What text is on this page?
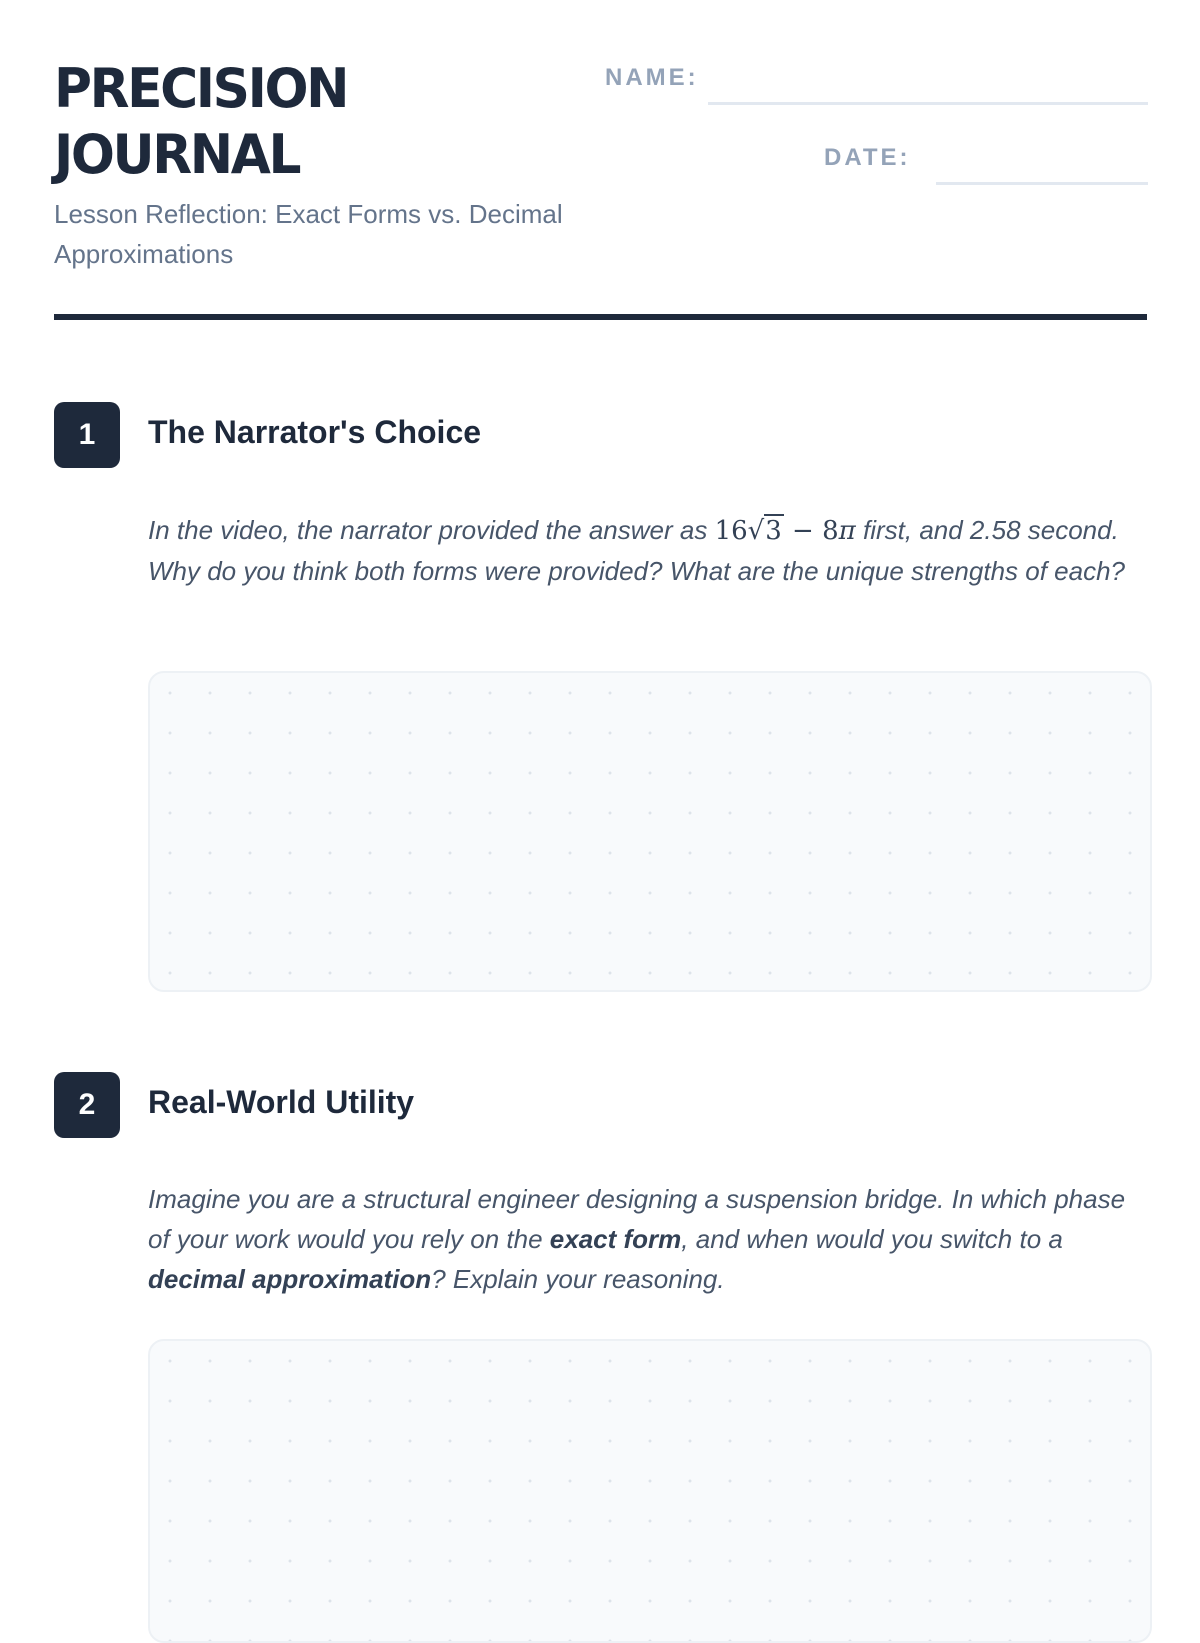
PRECISION
JOURNAL
Lesson Reflection: Exact Forms vs. Decimal Approximations
NAME:
DATE:
1	The Narrator's Choice
In the video, the narrator provided the answer as 16√3 − 8π first, and 2.58 second. Why do you think both forms were provided? What are the unique strengths of each?
2	Real-World Utility
Imagine you are a structural engineer designing a suspension bridge. In which phase of your work would you rely on the exact form, and when would you switch to a decimal approximation? Explain your reasoning.
